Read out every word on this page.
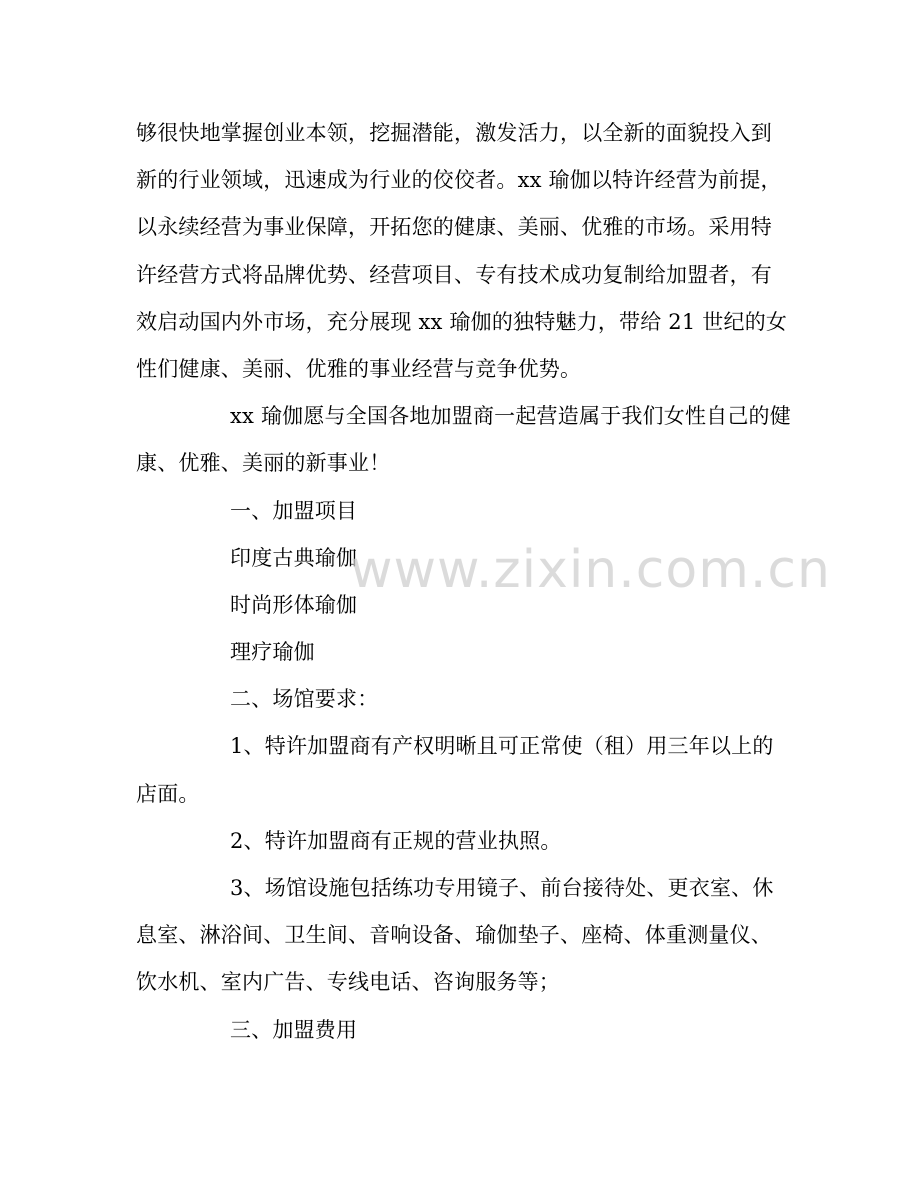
够很快地掌握创业本领，挖掘潜能，激发活力，以全新的面貌投入到
新的行业领域，迅速成为行业的佼佼者。xx 瑜伽以特许经营为前提，
以永续经营为事业保障，开拓您的健康、美丽、优雅的市场。采用特
许经营方式将品牌优势、经营项目、专有技术成功复制给加盟者，有
效启动国内外市场，充分展现 xx 瑜伽的独特魅力，带给 21 世纪的女
性们健康、美丽、优雅的事业经营与竞争优势。
xx 瑜伽愿与全国各地加盟商一起营造属于我们女性自己的健
康、优雅、美丽的新事业！
一、加盟项目
印度古典瑜伽
时尚形体瑜伽
理疗瑜伽
二、场馆要求：
1、特许加盟商有产权明晰且可正常使（租）用三年以上的
店面。
2、特许加盟商有正规的营业执照。
3、场馆设施包括练功专用镜子、前台接待处、更衣室、休
息室、淋浴间、卫生间、音响设备、瑜伽垫子、座椅、体重测量仪、
饮水机、室内广告、专线电话、咨询服务等；
三、加盟费用
www.zixin.com.cn
